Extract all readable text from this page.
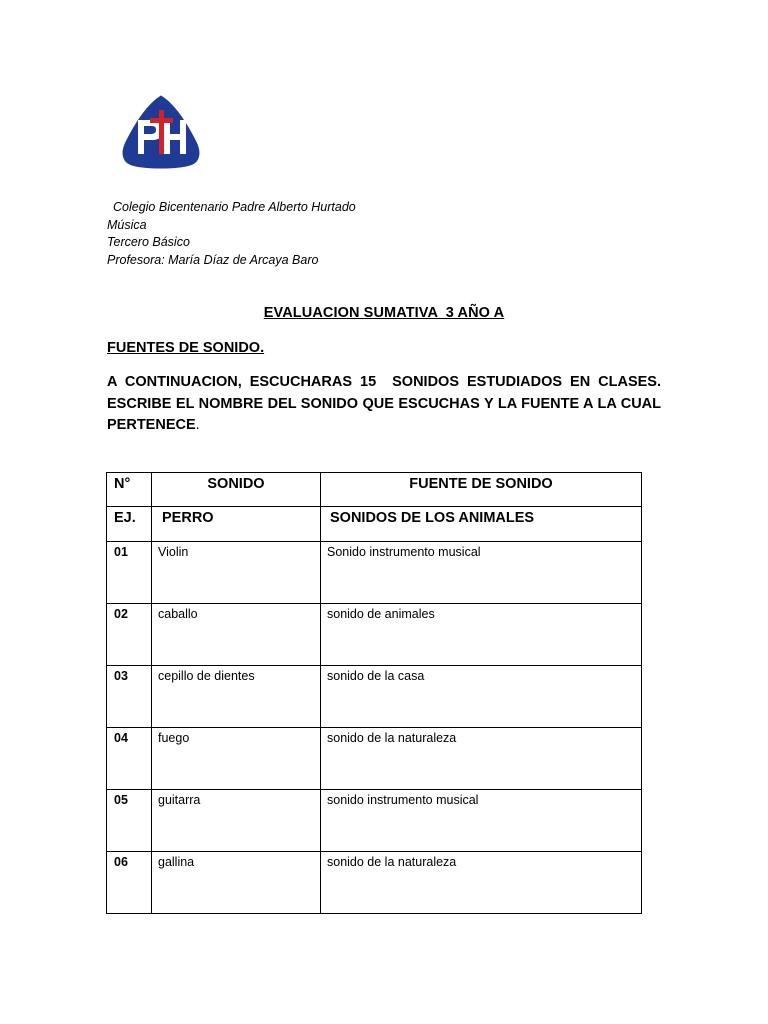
Colegio Bicentenario Padre Alberto Hurtado
Música
Tercero Básico
Profesora: María Díaz de Arcaya Baro
EVALUACION SUMATIVA  3 AÑO A
FUENTES DE SONIDO.
A CONTINUACION, ESCUCHARAS 15  SONIDOS ESTUDIADOS EN CLASES. ESCRIBE EL NOMBRE DEL SONIDO QUE ESCUCHAS Y LA FUENTE A LA CUAL PERTENECE.
N°	SONIDO	FUENTE DE SONIDO

EJ.	PERRO	SONIDOS DE LOS ANIMALES

01	Violin	Sonido instrumento musical

02	caballo	sonido de animales

03	cepillo de dientes	sonido de la casa

04	fuego	sonido de la naturaleza

05	guitarra	sonido instrumento musical

06	gallina	sonido de la naturaleza
